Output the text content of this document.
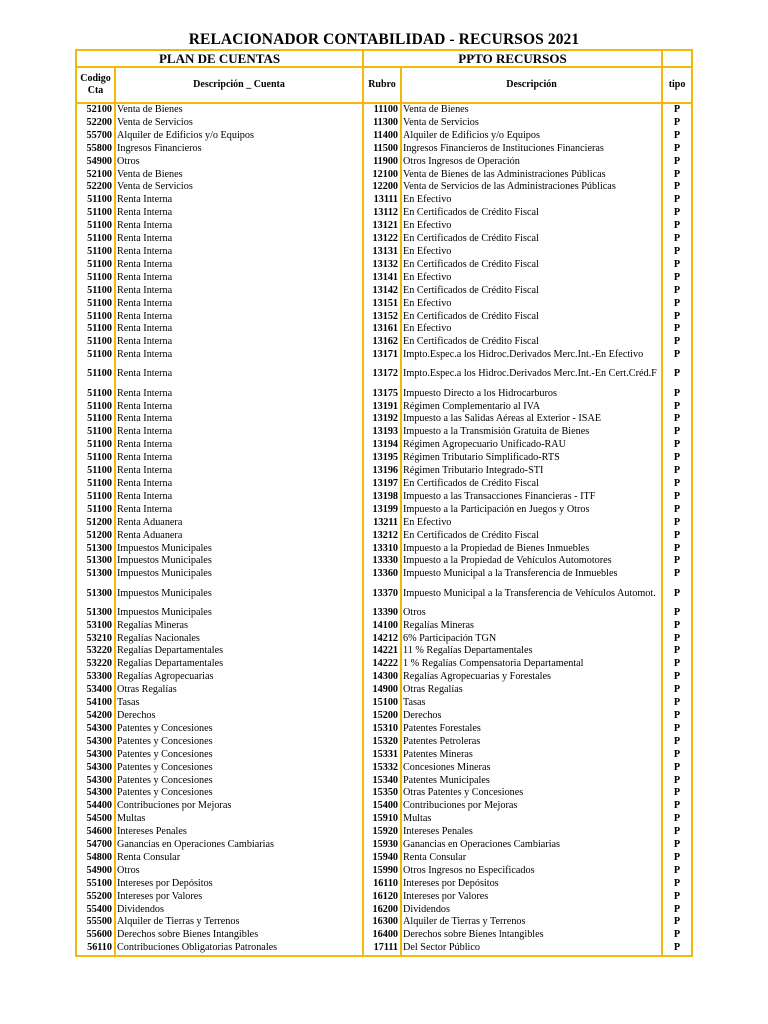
RELACIONADOR CONTABILIDAD - RECURSOS 2021
PLAN DE CUENTAS		PPTO RECURSOS		
Codigo Cta	Descripción _ Cuenta	Rubro	Descripción	tipo
52100	Venta de Bienes	11100	Venta de Bienes	P
52200	Venta de Servicios	11300	Venta de Servicios	P
55700	Alquiler de Edificios y/o Equipos	11400	Alquiler de Edificios y/o Equipos	P
55800	Ingresos Financieros	11500	Ingresos Financieros de Instituciones Financieras	P
54900	Otros	11900	Otros Ingresos de Operación	P
52100	Venta de Bienes	12100	Venta de Bienes de las Administraciones Públicas	P
52200	Venta de Servicios	12200	Venta de Servicios de las Administraciones Públicas	P
51100	Renta Interna	13111	En Efectivo	P
51100	Renta Interna	13112	En Certificados de Crédito Fiscal	P
51100	Renta Interna	13121	En Efectivo	P
51100	Renta Interna	13122	En Certificados de Crédito Fiscal	P
51100	Renta Interna	13131	En Efectivo	P
51100	Renta Interna	13132	En Certificados de Crédito Fiscal	P
51100	Renta Interna	13141	En Efectivo	P
51100	Renta Interna	13142	En Certificados de Crédito Fiscal	P
51100	Renta Interna	13151	En Efectivo	P
51100	Renta Interna	13152	En Certificados de Crédito Fiscal	P
51100	Renta Interna	13161	En Efectivo	P
51100	Renta Interna	13162	En Certificados de Crédito Fiscal	P
51100	Renta Interna	13171	Impto.Espec.a los Hidroc.Derivados Merc.Int.-En Efectivo	P
51100	Renta Interna	13172	Impto.Espec.a los Hidroc.Derivados Merc.Int.-En Cert.Créd.F	P
51100	Renta Interna	13175	Impuesto Directo a los Hidrocarburos	P
51100	Renta Interna	13191	Régimen Complementario al IVA	P
51100	Renta Interna	13192	Impuesto a las Salidas Aéreas al Exterior - ISAE	P
51100	Renta Interna	13193	Impuesto a la Transmisión Gratuita de Bienes	P
51100	Renta Interna	13194	Régimen Agropecuario Unificado-RAU	P
51100	Renta Interna	13195	Régimen Tributario Simplificado-RTS	P
51100	Renta Interna	13196	Régimen Tributario Integrado-STI	P
51100	Renta Interna	13197	En Certificados de Crédito Fiscal	P
51100	Renta Interna	13198	Impuesto a las Transacciones Financieras - ITF	P
51100	Renta Interna	13199	Impuesto a la Participación en Juegos y Otros	P
51200	Renta Aduanera	13211	En Efectivo	P
51200	Renta Aduanera	13212	En Certificados de Crédito Fiscal	P
51300	Impuestos Municipales	13310	Impuesto a la Propiedad de Bienes Inmuebles	P
51300	Impuestos Municipales	13330	Impuesto a la Propiedad de Vehículos Automotores	P
51300	Impuestos Municipales	13360	Impuesto Municipal a la Transferencia de Inmuebles	P
51300	Impuestos Municipales	13370	Impuesto Municipal a la Transferencia de Vehículos Automot.	P
51300	Impuestos Municipales	13390	Otros	P
53100	Regalías Mineras	14100	Regalías Mineras	P
53210	Regalías Nacionales	14212	6% Participación TGN	P
53220	Regalías Departamentales	14221	11 % Regalías Departamentales	P
53220	Regalías Departamentales	14222	1 % Regalías Compensatoria Departamental	P
53300	Regalías Agropecuarias	14300	Regalías Agropecuarias y Forestales	P
53400	Otras Regalías	14900	Otras Regalías	P
54100	Tasas	15100	Tasas	P
54200	Derechos	15200	Derechos	P
54300	Patentes y Concesiones	15310	Patentes Forestales	P
54300	Patentes y Concesiones	15320	Patentes Petroleras	P
54300	Patentes y Concesiones	15331	Patentes Mineras	P
54300	Patentes y Concesiones	15332	Concesiones Mineras	P
54300	Patentes y Concesiones	15340	Patentes Municipales	P
54300	Patentes y Concesiones	15350	Otras Patentes y Concesiones	P
54400	Contribuciones por Mejoras	15400	Contribuciones por Mejoras	P
54500	Multas	15910	Multas	P
54600	Intereses Penales	15920	Intereses Penales	P
54700	Ganancias en Operaciones Cambiarias	15930	Ganancias en Operaciones Cambiarias	P
54800	Renta Consular	15940	Renta Consular	P
54900	Otros	15990	Otros Ingresos no Especificados	P
55100	Intereses por Depósitos	16110	Intereses por Depósitos	P
55200	Intereses por Valores	16120	Intereses por Valores	P
55400	Dividendos	16200	Dividendos	P
55500	Alquiler de Tierras y Terrenos	16300	Alquiler de Tierras y Terrenos	P
55600	Derechos sobre Bienes Intangibles	16400	Derechos sobre Bienes lntangibles	P
56110	Contribuciones Obligatorias Patronales	17111	Del Sector Público	P
